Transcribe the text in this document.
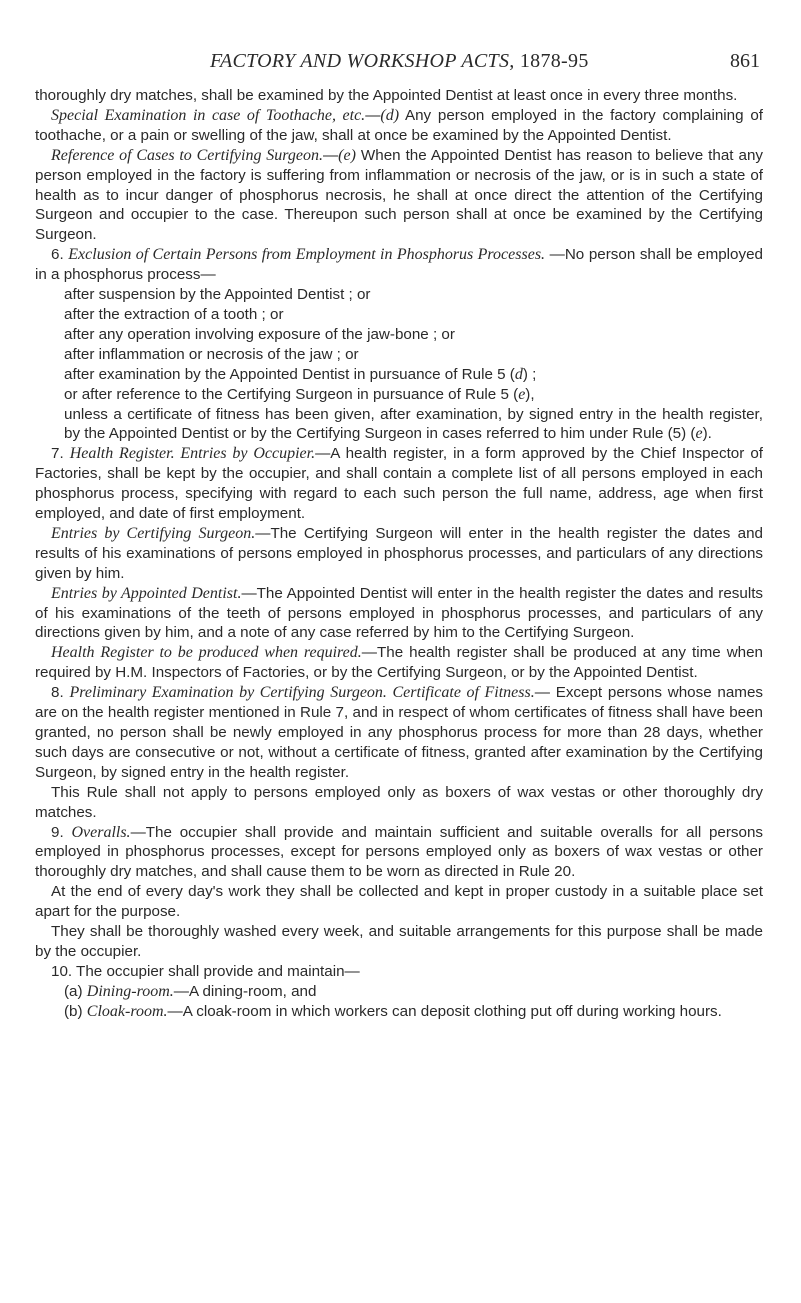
FACTORY AND WORKSHOP ACTS, 1878-95	861

thoroughly dry matches, shall be examined by the Appointed Dentist at least once in every three months.

Special Examination in case of Toothache, etc.—(d) Any person employed in the factory complaining of toothache, or a pain or swelling of the jaw, shall at once be examined by the Appointed Dentist.

Reference of Cases to Certifying Surgeon.—(e) When the Appointed Dentist has reason to believe that any person employed in the factory is suffering from inflammation or necrosis of the jaw, or is in such a state of health as to incur danger of phosphorus necrosis, he shall at once direct the attention of the Certifying Surgeon and occupier to the case. Thereupon such person shall at once be examined by the Certifying Surgeon.

6. Exclusion of Certain Persons from Employment in Phosphorus Processes. —No person shall be employed in a phosphorus process—

after suspension by the Appointed Dentist ; or
after the extraction of a tooth ; or
after any operation involving exposure of the jaw-bone ; or
after inflammation or necrosis of the jaw ; or
after examination by the Appointed Dentist in pursuance of Rule 5 (d) ;
or after reference to the Certifying Surgeon in pursuance of Rule 5 (e),

unless a certificate of fitness has been given, after examination, by signed entry in the health register, by the Appointed Dentist or by the Certifying Surgeon in cases referred to him under Rule (5) (e).

7. Health Register. Entries by Occupier.—A health register, in a form approved by the Chief Inspector of Factories, shall be kept by the occupier, and shall contain a complete list of all persons employed in each phosphorus process, specifying with regard to each such person the full name, address, age when first employed, and date of first employment.

Entries by Certifying Surgeon.—The Certifying Surgeon will enter in the health register the dates and results of his examinations of persons employed in phosphorus processes, and particulars of any directions given by him.

Entries by Appointed Dentist.—The Appointed Dentist will enter in the health register the dates and results of his examinations of the teeth of persons employed in phosphorus processes, and particulars of any directions given by him, and a note of any case referred by him to the Certifying Surgeon.

Health Register to be produced when required.—The health register shall be produced at any time when required by H.M. Inspectors of Factories, or by the Certifying Surgeon, or by the Appointed Dentist.

8. Preliminary Examination by Certifying Surgeon. Certificate of Fitness.— Except persons whose names are on the health register mentioned in Rule 7, and in respect of whom certificates of fitness shall have been granted, no person shall be newly employed in any phosphorus process for more than 28 days, whether such days are consecutive or not, without a certificate of fitness, granted after examination by the Certifying Surgeon, by signed entry in the health register.

This Rule shall not apply to persons employed only as boxers of wax vestas or other thoroughly dry matches.

9. Overalls.—The occupier shall provide and maintain sufficient and suitable overalls for all persons employed in phosphorus processes, except for persons employed only as boxers of wax vestas or other thoroughly dry matches, and shall cause them to be worn as directed in Rule 20.

At the end of every day's work they shall be collected and kept in proper custody in a suitable place set apart for the purpose.

They shall be thoroughly washed every week, and suitable arrangements for this purpose shall be made by the occupier.

10. The occupier shall provide and maintain—

(a) Dining-room.—A dining-room, and
(b) Cloak-room.—A cloak-room in which workers can deposit clothing put off during working hours.
